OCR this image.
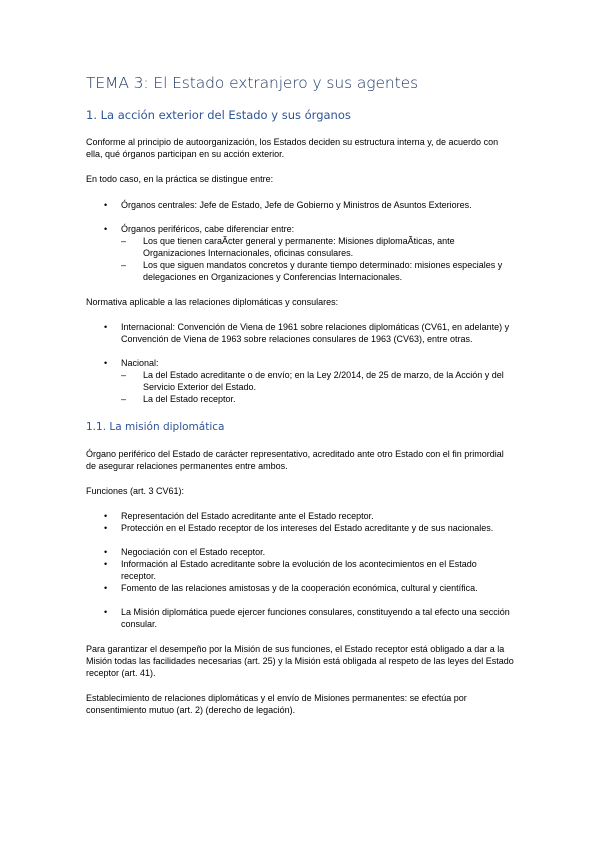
TEMA 3: El Estado extranjero y sus agentes
1. La acción exterior del Estado y sus órganos
Conforme al principio de autoorganización, los Estados deciden su estructura interna y, de acuerdo con ella, qué órganos participan en su acción exterior.
En todo caso, en la práctica se distingue entre:
• Órganos centrales: Jefe de Estado, Jefe de Gobierno y Ministros de Asuntos Exteriores.
• Órganos periféricos, cabe diferenciar entre:
– Los que tienen caraÃcter general y permanente: Misiones diplomaÃticas, ante Organizaciones Internacionales, oficinas consulares.
– Los que siguen mandatos concretos y durante tiempo determinado: misiones especiales y delegaciones en Organizaciones y Conferencias Internacionales.
Normativa aplicable a las relaciones diplomáticas y consulares:
• Internacional: Convención de Viena de 1961 sobre relaciones diplomáticas (CV61, en adelante) y Convención de Viena de 1963 sobre relaciones consulares de 1963 (CV63), entre otras.
• Nacional:
– La del Estado acreditante o de envío; en la Ley 2/2014, de 25 de marzo, de la Acción y del Servicio Exterior del Estado.
– La del Estado receptor.
1.1. La misión diplomática
Órgano periférico del Estado de carácter representativo, acreditado ante otro Estado con el fin primordial de asegurar relaciones permanentes entre ambos.
Funciones (art. 3 CV61):
• Representación del Estado acreditante ante el Estado receptor.
• Protección en el Estado receptor de los intereses del Estado acreditante y de sus nacionales.
• Negociación con el Estado receptor.
• Información al Estado acreditante sobre la evolución de los acontecimientos en el Estado receptor.
• Fomento de las relaciones amistosas y de la cooperación económica, cultural y científica.
• La Misión diplomática puede ejercer funciones consulares, constituyendo a tal efecto una sección consular.
Para garantizar el desempeño por la Misión de sus funciones, el Estado receptor está obligado a dar a la Misión todas las facilidades necesarias (art. 25) y la Misión está obligada al respeto de las leyes del Estado receptor (art. 41).
Establecimiento de relaciones diplomáticas y el envío de Misiones permanentes: se efectúa por consentimiento mutuo (art. 2) (derecho de legación).
